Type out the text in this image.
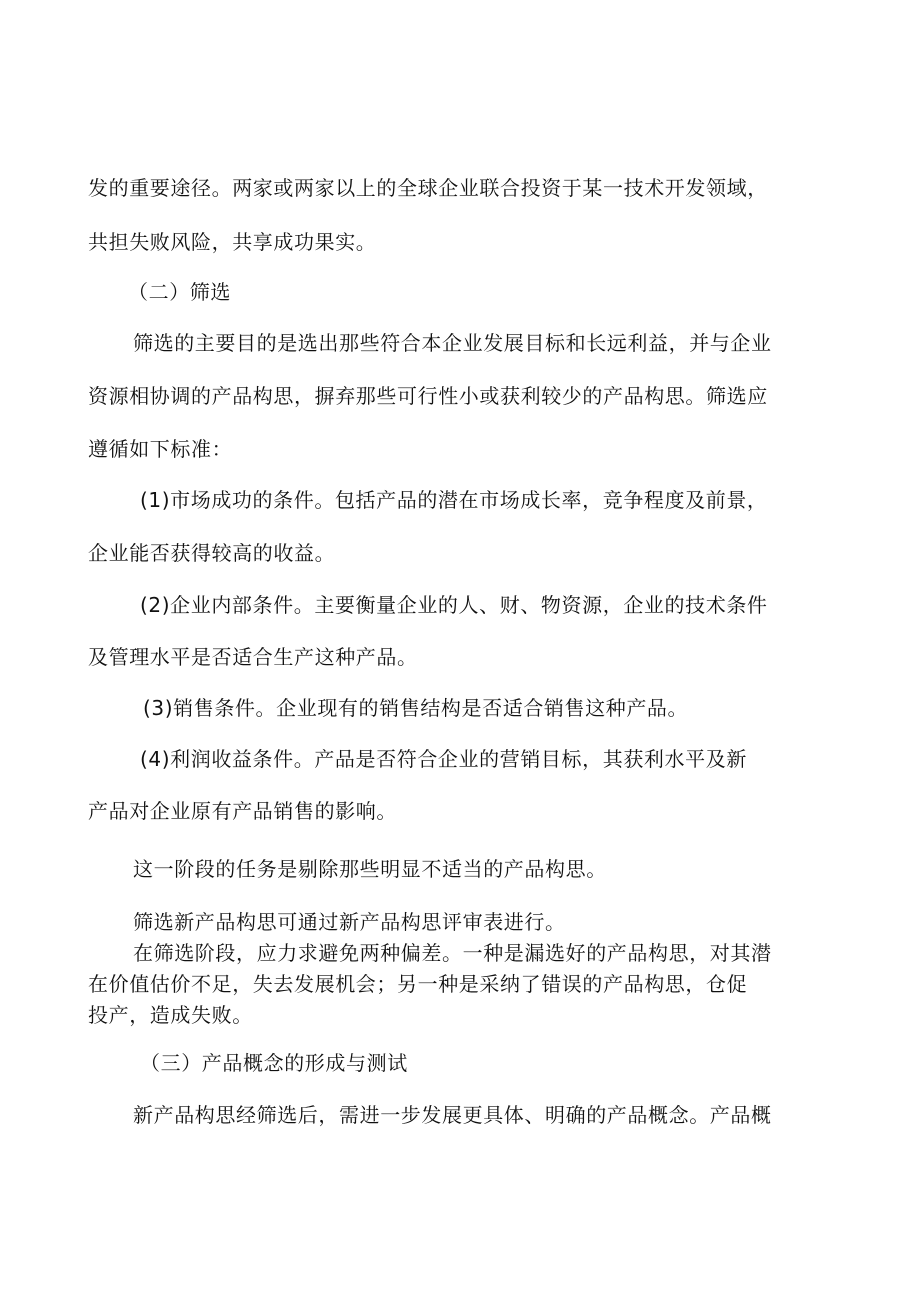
发的重要途径。两家或两家以上的全球企业联合投资于某一技术开发领域，
共担失败风险，共享成功果实。
（二）筛选
筛选的主要目的是选出那些符合本企业发展目标和长远利益，并与企业
资源相协调的产品构思，摒弃那些可行性小或获利较少的产品构思。筛选应
遵循如下标准：
(1)市场成功的条件。包括产品的潜在市场成长率，竞争程度及前景，
企业能否获得较高的收益。
(2)企业内部条件。主要衡量企业的人、财、物资源，企业的技术条件
及管理水平是否适合生产这种产品。
(3)销售条件。企业现有的销售结构是否适合销售这种产品。
(4)利润收益条件。产品是否符合企业的营销目标，其获利水平及新
产品对企业原有产品销售的影响。
这一阶段的任务是剔除那些明显不适当的产品构思。
筛选新产品构思可通过新产品构思评审表进行。
在筛选阶段，应力求避免两种偏差。一种是漏选好的产品构思，对其潜
在价值估价不足，失去发展机会；另一种是采纳了错误的产品构思，仓促
投产，造成失败。
（三）产品概念的形成与测试
新产品构思经筛选后，需进一步发展更具体、明确的产品概念。产品概
